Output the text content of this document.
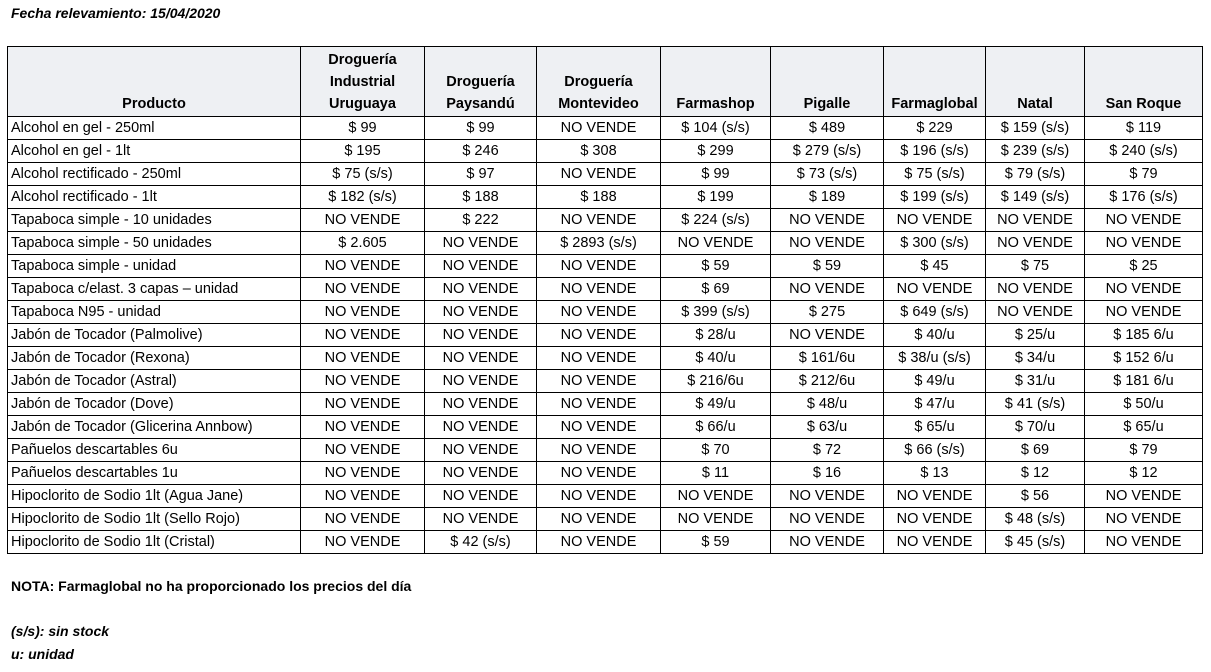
Fecha relevamiento: 15/04/2020
Producto	Droguería Industrial Uruguaya	Droguería Paysandú	Droguería Montevideo	Farmashop	Pigalle	Farmaglobal	Natal	San Roque
Alcohol en gel - 250ml	$ 99	$ 99	NO VENDE	$ 104 (s/s)	$ 489	$ 229	$ 159 (s/s)	$ 119
Alcohol en gel - 1lt	$ 195	$ 246	$ 308	$ 299	$ 279 (s/s)	$ 196 (s/s)	$ 239 (s/s)	$ 240 (s/s)
Alcohol rectificado - 250ml	$ 75 (s/s)	$ 97	NO VENDE	$ 99	$ 73 (s/s)	$ 75 (s/s)	$ 79 (s/s)	$ 79
Alcohol rectificado - 1lt	$ 182 (s/s)	$ 188	$ 188	$ 199	$ 189	$ 199 (s/s)	$ 149 (s/s)	$ 176 (s/s)
Tapaboca simple - 10 unidades	NO VENDE	$ 222	NO VENDE	$ 224 (s/s)	NO VENDE	NO VENDE	NO VENDE	NO VENDE
Tapaboca simple - 50 unidades	$ 2.605	NO VENDE	$ 2893 (s/s)	NO VENDE	NO VENDE	$ 300 (s/s)	NO VENDE	NO VENDE
Tapaboca simple - unidad	NO VENDE	NO VENDE	NO VENDE	$ 59	$ 59	$ 45	$ 75	$ 25
Tapaboca c/elast. 3 capas – unidad	NO VENDE	NO VENDE	NO VENDE	$ 69	NO VENDE	NO VENDE	NO VENDE	NO VENDE
Tapaboca N95 - unidad	NO VENDE	NO VENDE	NO VENDE	$ 399 (s/s)	$ 275	$ 649 (s/s)	NO VENDE	NO VENDE
Jabón de Tocador (Palmolive)	NO VENDE	NO VENDE	NO VENDE	$ 28/u	NO VENDE	$ 40/u	$ 25/u	$ 185 6/u
Jabón de Tocador (Rexona)	NO VENDE	NO VENDE	NO VENDE	$ 40/u	$ 161/6u	$ 38/u (s/s)	$ 34/u	$ 152 6/u
Jabón de Tocador (Astral)	NO VENDE	NO VENDE	NO VENDE	$ 216/6u	$ 212/6u	$ 49/u	$ 31/u	$ 181 6/u
Jabón de Tocador (Dove)	NO VENDE	NO VENDE	NO VENDE	$ 49/u	$ 48/u	$ 47/u	$ 41 (s/s)	$ 50/u
Jabón de Tocador (Glicerina Annbow)	NO VENDE	NO VENDE	NO VENDE	$ 66/u	$ 63/u	$ 65/u	$ 70/u	$ 65/u
Pañuelos descartables 6u	NO VENDE	NO VENDE	NO VENDE	$ 70	$ 72	$ 66 (s/s)	$ 69	$ 79
Pañuelos descartables 1u	NO VENDE	NO VENDE	NO VENDE	$ 11	$ 16	$ 13	$ 12	$ 12
Hipoclorito de Sodio 1lt (Agua Jane)	NO VENDE	NO VENDE	NO VENDE	NO VENDE	NO VENDE	NO VENDE	$ 56	NO VENDE
Hipoclorito de Sodio 1lt (Sello Rojo)	NO VENDE	NO VENDE	NO VENDE	NO VENDE	NO VENDE	NO VENDE	$ 48 (s/s)	NO VENDE
Hipoclorito de Sodio 1lt (Cristal)	NO VENDE	$ 42 (s/s)	NO VENDE	$ 59	NO VENDE	NO VENDE	$ 45 (s/s)	NO VENDE
NOTA: Farmaglobal no ha proporcionado los precios del día
(s/s): sin stock
u: unidad
